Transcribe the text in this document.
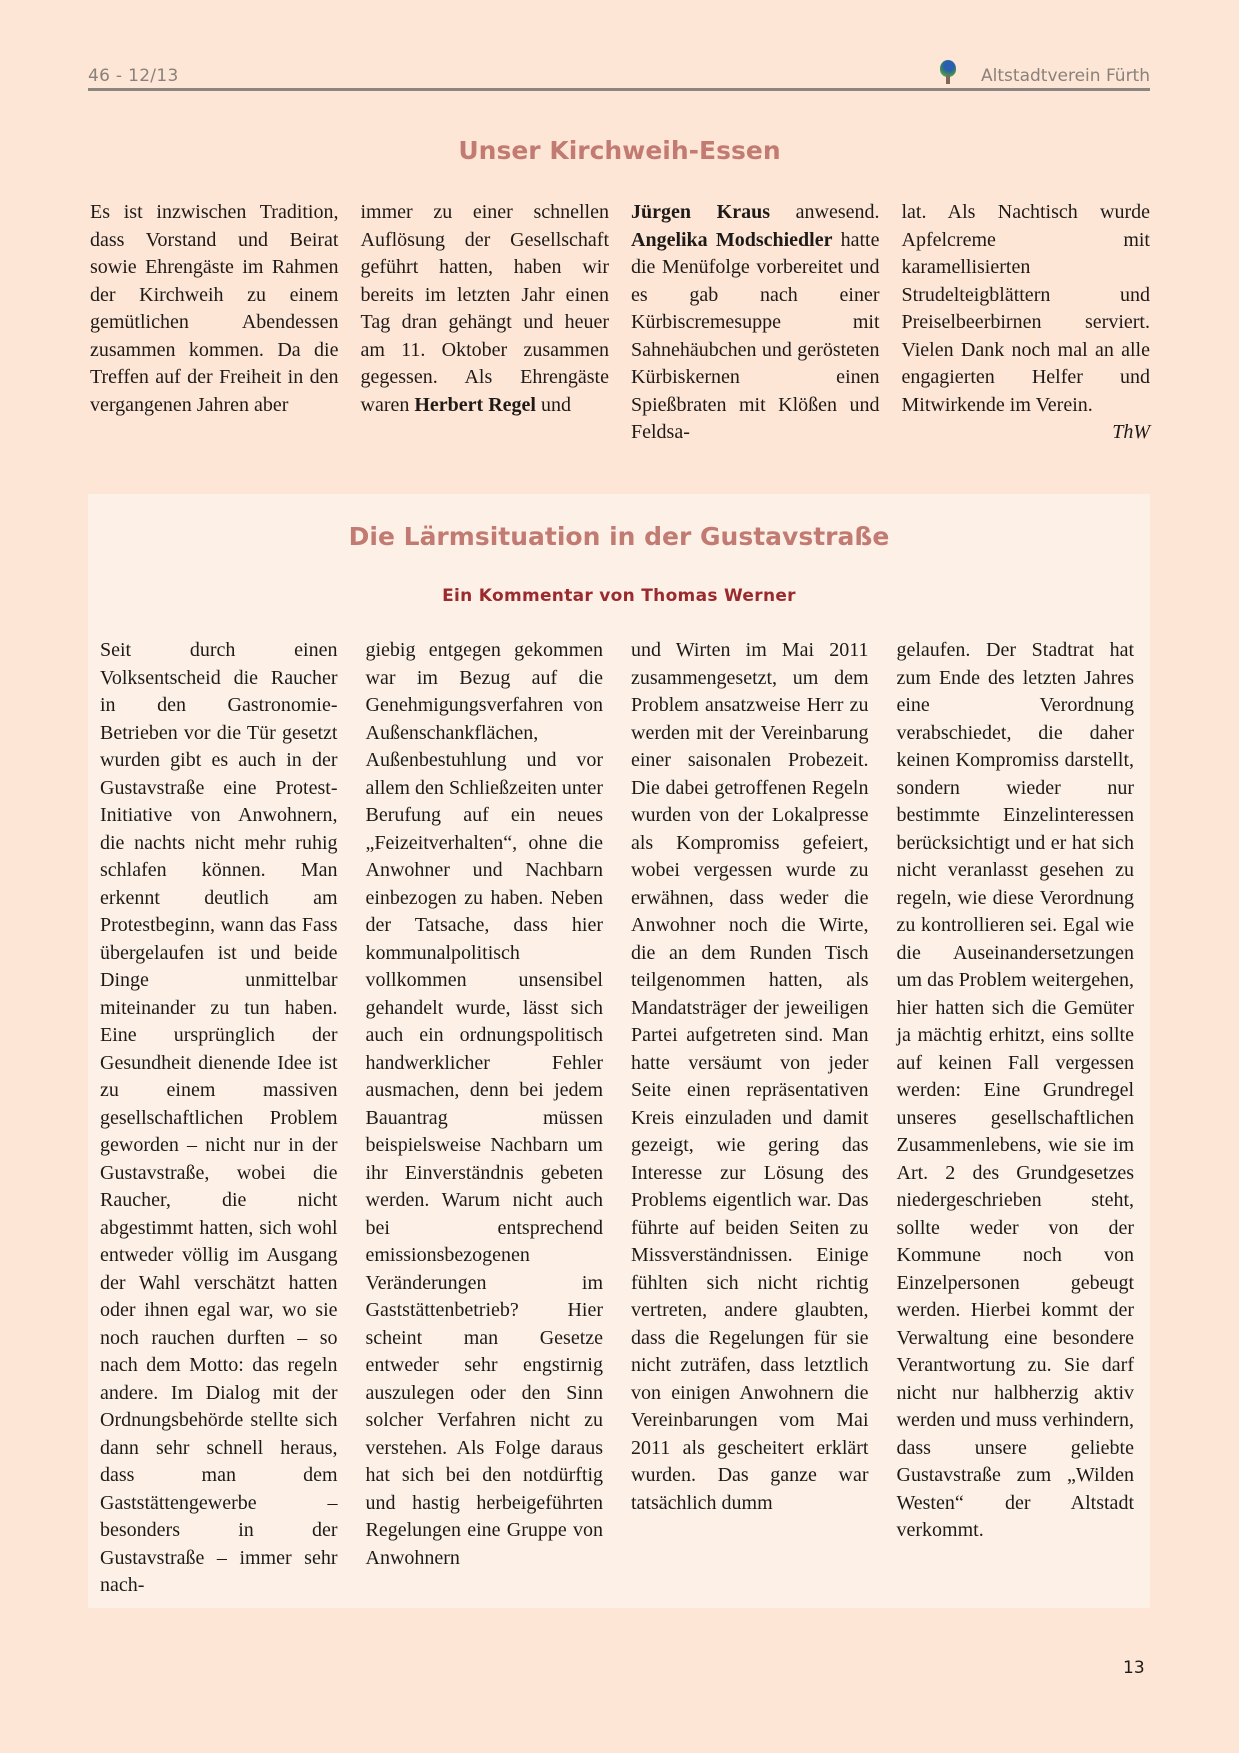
46 - 12/13	Altstadtverein Fürth
Unser Kirchweih-Essen

Es ist inzwischen Tradition, dass Vorstand und Beirat sowie Ehrengäste im Rahmen der Kirchweih zu einem gemütlichen Abendessen zusammen kommen. Da die Treffen auf der Freiheit in den vergangenen Jahren aber

immer zu einer schnellen Auflösung der Gesellschaft geführt hatten, haben wir bereits im letzten Jahr einen Tag dran gehängt und heuer am 11. Oktober zusammen gegessen. Als Ehrengäste waren Herbert Regel und

Jürgen Kraus anwesend. Angelika Modschiedler hatte die Menüfolge vorbereitet und es gab nach einer Kürbiscremesuppe mit Sahnehäubchen und gerösteten Kürbiskernen einen Spießbraten mit Klößen und Feldsa-

lat. Als Nachtisch wurde Apfelcreme mit karamellisierten Strudelteigblättern und Preiselbeerbirnen serviert. Vielen Dank noch mal an alle engagierten Helfer und Mitwirkende im Verein.

ThW

Die Lärmsituation in der Gustavstraße

Ein Kommentar von Thomas Werner

Seit durch einen Volksentscheid die Raucher in den Gastronomie-Betrieben vor die Tür gesetzt wurden gibt es auch in der Gustavstraße eine Protest-Initiative von Anwohnern, die nachts nicht mehr ruhig schlafen können. Man erkennt deutlich am Protestbeginn, wann das Fass übergelaufen ist und beide Dinge unmittelbar miteinander zu tun haben. Eine ursprünglich der Gesundheit dienende Idee ist zu einem massiven gesellschaftlichen Problem geworden – nicht nur in der Gustavstraße, wobei die Raucher, die nicht abgestimmt hatten, sich wohl entweder völlig im Ausgang der Wahl verschätzt hatten oder ihnen egal war, wo sie noch rauchen durften – so nach dem Motto: das regeln andere. Im Dialog mit der Ordnungsbehörde stellte sich dann sehr schnell heraus, dass man dem Gaststättengewerbe – besonders in der Gustavstraße – immer sehr nach-

giebig entgegen gekommen war im Bezug auf die Genehmigungsverfahren von Außenschankflächen, Außenbestuhlung und vor allem den Schließzeiten unter Berufung auf ein neues „Feizeitverhalten“, ohne die Anwohner und Nachbarn einbezogen zu haben. Neben der Tatsache, dass hier kommunalpolitisch vollkommen unsensibel gehandelt wurde, lässt sich auch ein ordnungspolitisch handwerklicher Fehler ausmachen, denn bei jedem Bauantrag müssen beispielsweise Nachbarn um ihr Einverständnis gebeten werden. Warum nicht auch bei entsprechend emissionsbezogenen Veränderungen im Gaststättenbetrieb? Hier scheint man Gesetze entweder sehr engstirnig auszulegen oder den Sinn solcher Verfahren nicht zu verstehen. Als Folge daraus hat sich bei den notdürftig und hastig herbeigeführten Regelungen eine Gruppe von Anwohnern

und Wirten im Mai 2011 zusammengesetzt, um dem Problem ansatzweise Herr zu werden mit der Vereinbarung einer saisonalen Probezeit. Die dabei getroffenen Regeln wurden von der Lokalpresse als Kompromiss gefeiert, wobei vergessen wurde zu erwähnen, dass weder die Anwohner noch die Wirte, die an dem Runden Tisch teilgenommen hatten, als Mandatsträger der jeweiligen Partei aufgetreten sind. Man hatte versäumt von jeder Seite einen repräsentativen Kreis einzuladen und damit gezeigt, wie gering das Interesse zur Lösung des Problems eigentlich war. Das führte auf beiden Seiten zu Missverständnissen. Einige fühlten sich nicht richtig vertreten, andere glaubten, dass die Regelungen für sie nicht zuträfen, dass letztlich von einigen Anwohnern die Vereinbarungen vom Mai 2011 als gescheitert erklärt wurden. Das ganze war tatsächlich dumm

gelaufen. Der Stadtrat hat zum Ende des letzten Jahres eine Verordnung verabschiedet, die daher keinen Kompromiss darstellt, sondern wieder nur bestimmte Einzelinteressen berücksichtigt und er hat sich nicht veranlasst gesehen zu regeln, wie diese Verordnung zu kontrollieren sei. Egal wie die Auseinandersetzungen um das Problem weitergehen, hier hatten sich die Gemüter ja mächtig erhitzt, eins sollte auf keinen Fall vergessen werden: Eine Grundregel unseres gesellschaftlichen Zusammenlebens, wie sie im Art. 2 des Grundgesetzes niedergeschrieben steht, sollte weder von der Kommune noch von Einzelpersonen gebeugt werden. Hierbei kommt der Verwaltung eine besondere Verantwortung zu. Sie darf nicht nur halbherzig aktiv werden und muss verhindern, dass unsere geliebte Gustavstraße zum „Wilden Westen“ der Altstadt verkommt.

13
